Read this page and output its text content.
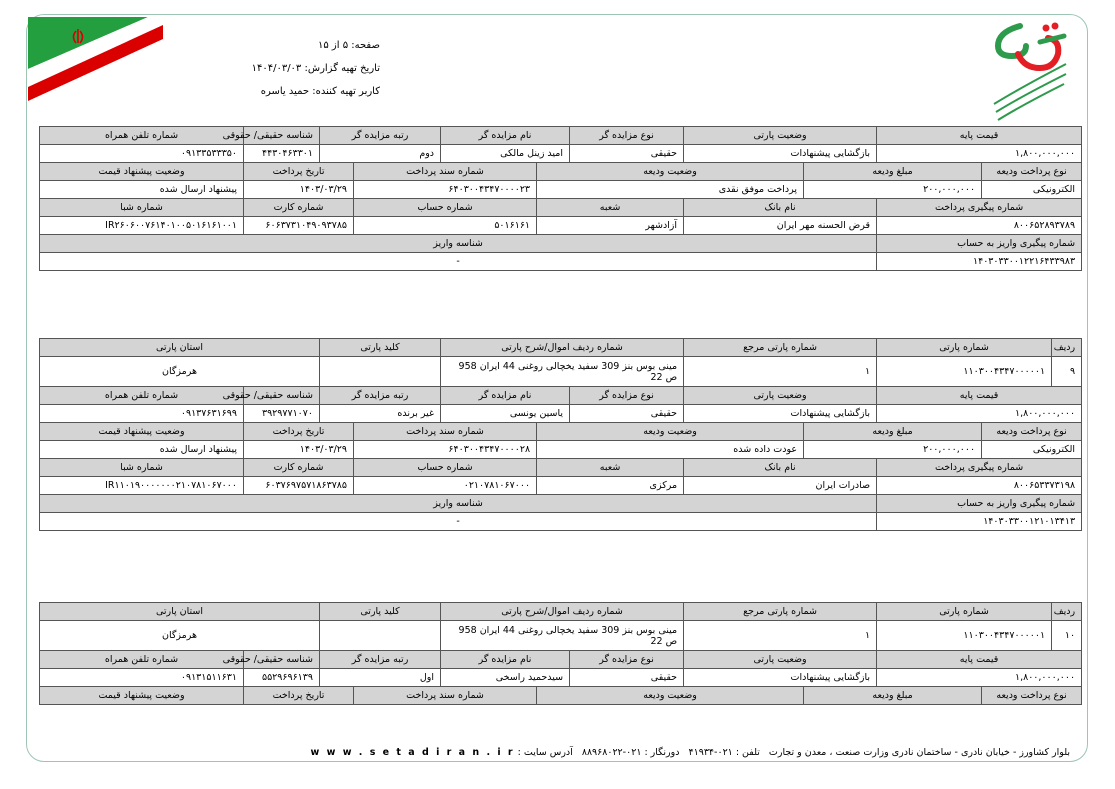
صفحه: ۵ از ۱۵
تاریخ تهیه گزارش: ۱۴۰۴/۰۳/۰۳
کاربر تهیه کننده: حمید یاسره
قیمت پایه		وضعیت پارتی		نوع مزایده گر	نام مزایده گر		رتبه مزایده گر		شناسه حقیقی/ حقوقی	شماره تلفن همراه
۱,۸۰۰,۰۰۰,۰۰۰		بازگشایی پیشنهادات		حقیقی	امید زینل مالکی		دوم		۴۴۳۰۴۶۳۳۰۱	۰۹۱۳۳۵۳۳۳۵۰
نوع پرداخت ودیعه	مبلغ ودیعه		وضعیت ودیعه			شماره سند پرداخت		تاریخ پرداخت		وضعیت پیشنهاد قیمت
الکترونیکی	۲۰۰,۰۰۰,۰۰۰		پرداخت موفق نقدی			۶۴۰۳۰۰۴۳۴۷۰۰۰۰۲۳		۱۴۰۳/۰۳/۲۹		پیشنهاد ارسال شده
شماره پیگیری پرداخت		نام بانک		شعبه		شماره حساب		شماره کارت		شماره شبا
۸۰۰۶۵۲۸۹۳۷۸۹		قرض الحسنه مهر ایران		آزادشهر		۵۰۱۶۱۶۱		۶۰۶۳۷۳۱۰۴۹۰۹۳۷۸۵		IR۲۶۰۶۰۰۷۶۱۴۰۱۰۰۵۰۱۶۱۶۱۰۰۱
شماره پیگیری واریز به حساب		شناسه واریز								
۱۴۰۳۰۳۳۰۰۱۲۲۱۶۴۳۳۹۸۳		-								
ردیف	شماره پارتی		شماره پارتی مرجع		شماره ردیف اموال/شرح پارتی			کلید پارتی		استان پارتی	
۹	۱۱۰۳۰۰۴۳۴۷۰۰۰۰۰۱		۱		مینی بوس بنز 309 سفید یخچالی روغنی 44 ایران 958 ص 22					هرمزگان	
قیمت پایه			وضعیت پارتی		نوع مزایده گر	نام مزایده گر		رتبه مزایده گر		شناسه حقیقی/ حقوقی	شماره تلفن همراه
۱,۸۰۰,۰۰۰,۰۰۰			بازگشایی پیشنهادات		حقیقی	یاسین یونسی		غیر برنده		۳۹۲۹۷۷۱۰۷۰	۰۹۱۳۷۶۳۱۶۹۹
نوع پرداخت ودیعه		مبلغ ودیعه		وضعیت ودیعه			شماره سند پرداخت		تاریخ پرداخت		وضعیت پیشنهاد قیمت
الکترونیکی		۲۰۰,۰۰۰,۰۰۰		عودت داده شده			۶۴۰۳۰۰۴۳۴۷۰۰۰۰۲۸		۱۴۰۳/۰۳/۲۹		پیشنهاد ارسال شده
شماره پیگیری پرداخت			نام بانک		شعبه		شماره حساب		شماره کارت		شماره شبا
۸۰۰۶۵۳۳۷۳۱۹۸			صادرات ایران		مرکزی		۰۲۱۰۷۸۱۰۶۷۰۰۰		۶۰۳۷۶۹۷۵۷۱۸۶۳۷۸۵		IR۱۱۰۱۹۰۰۰۰۰۰۰۲۱۰۷۸۱۰۶۷۰۰۰
شماره پیگیری واریز به حساب			شناسه واریز								
۱۴۰۳۰۳۳۰۰۱۲۱۰۱۳۴۱۳			-								
ردیف	شماره پارتی		شماره پارتی مرجع		شماره ردیف اموال/شرح پارتی			کلید پارتی		استان پارتی	
۱۰	۱۱۰۳۰۰۴۳۴۷۰۰۰۰۰۱		۱		مینی بوس بنز 309 سفید یخچالی روغنی 44 ایران 958 ص 22					هرمزگان	
قیمت پایه			وضعیت پارتی		نوع مزایده گر	نام مزایده گر		رتبه مزایده گر		شناسه حقیقی/ حقوقی	شماره تلفن همراه
۱,۸۰۰,۰۰۰,۰۰۰			بازگشایی پیشنهادات		حقیقی	سیدحمید راسخی		اول		۵۵۲۹۶۹۶۱۳۹	۰۹۱۳۱۵۱۱۶۳۱
نوع پرداخت ودیعه		مبلغ ودیعه		وضعیت ودیعه			شماره سند پرداخت		تاریخ پرداخت		وضعیت پیشنهاد قیمت
بلوار کشاورز - خیابان نادری - ساختمان نادری وزارت صنعت ، معدن و تجارت   تلفن : ۰۲۱-۴۱۹۳۴   دورنگار : ۰۲۱-۸۸۹۶۸۰۲۲   آدرس سایت : w w w . s e t a d i r a n . i r
